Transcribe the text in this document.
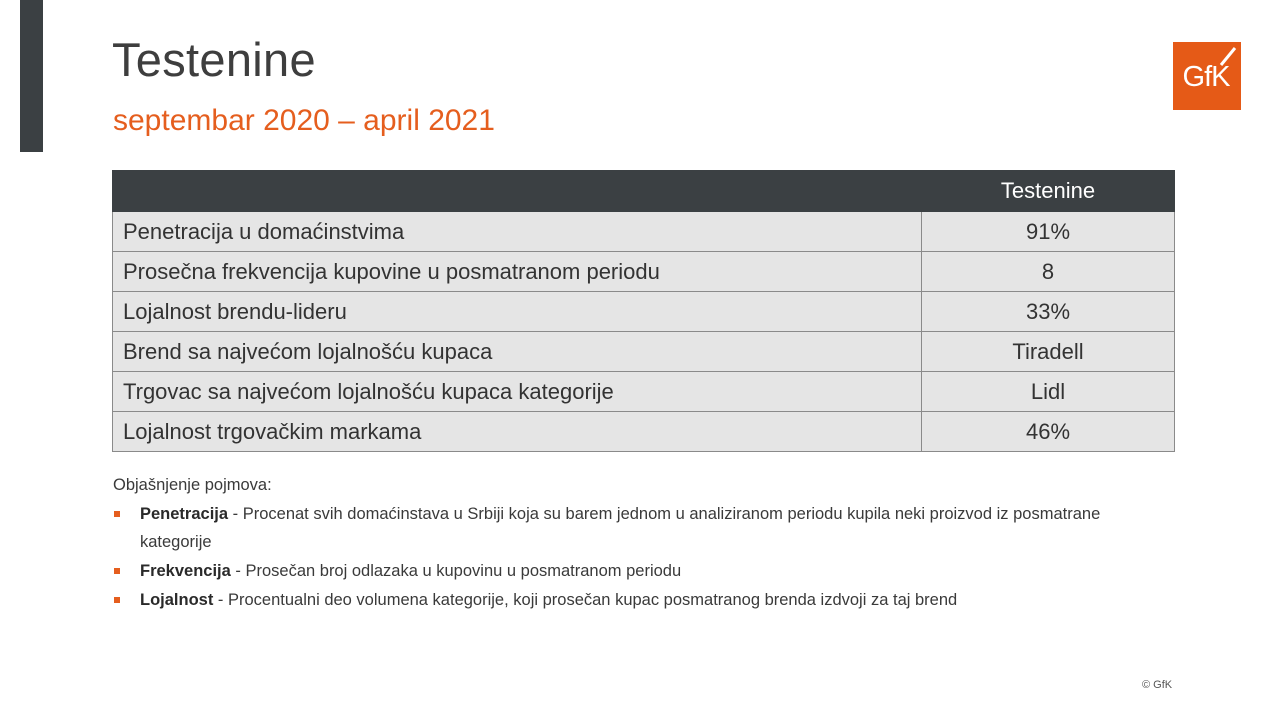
Testenine
septembar 2020 – april 2021
GfK
	Testenine
Penetracija u domaćinstvima	91%
Prosečna frekvencija kupovine u posmatranom periodu	8
Lojalnost brendu-lideru	33%
Brend sa najvećom lojalnošću kupaca	Tiradell
Trgovac sa najvećom lojalnošću kupaca kategorije	Lidl
Lojalnost trgovačkim markama	46%

Objašnjenje pojmova:

Penetracija - Procenat svih domaćinstava u Srbiji koja su barem jednom u analiziranom periodu kupila neki proizvod iz posmatrane kategorije
Frekvencija - Prosečan broj odlazaka u kupovinu u posmatranom periodu
Lojalnost - Procentualni deo volumena kategorije, koji prosečan kupac posmatranog brenda izdvoji za taj brend
© GfK
